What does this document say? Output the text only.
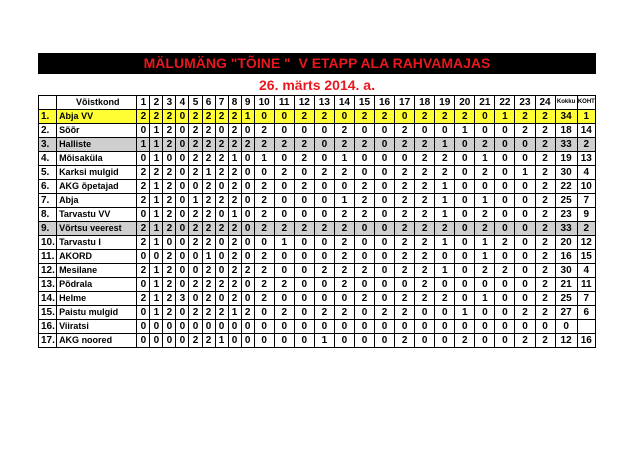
MÄLUMÄNG "TÕINE "  V ETAPP ALA RAHVAMAJAS
26. märts 2014. a.
	Võistkond	1	2	3	4	5	6	7	8	9	10	11	12	13	14	15	16	17	18	19	20	21	22	23	24	Kokku	KOHT
1.	Abja VV	2	2	2	0	2	2	2	2	1	0	0	2	2	0	2	2	0	2	2	2	0	1	2	2	34	1
2.	Sõõr	0	1	2	0	2	2	0	2	0	2	0	0	0	2	0	0	2	0	0	1	0	0	2	2	18	14
3.	Halliste	1	1	2	0	2	2	2	2	2	2	2	2	0	2	2	0	2	2	1	0	2	0	0	2	33	2
4.	Mõisaküla	0	1	0	0	2	2	2	1	0	1	0	2	0	1	0	0	0	2	2	0	1	0	0	2	19	13
5.	Karksi mulgid	2	2	2	0	2	1	2	2	0	0	2	0	2	2	0	0	2	2	2	0	2	0	1	2	30	4
6.	AKG õpetajad	2	1	2	0	0	2	0	2	0	2	0	2	0	0	2	0	2	2	1	0	0	0	0	2	22	10
7.	Abja	2	1	2	0	1	2	2	2	0	2	0	0	0	1	2	0	2	2	1	0	1	0	0	2	25	7
8.	Tarvastu VV	0	1	2	0	2	2	0	1	0	2	0	0	0	2	2	0	2	2	1	0	2	0	0	2	23	9
9.	Võrtsu veerest	2	1	2	0	2	2	2	2	0	2	2	2	2	2	0	0	2	2	2	0	2	0	0	2	33	2
10.	Tarvastu I	2	1	0	0	2	2	0	2	0	0	1	0	0	2	0	0	2	2	1	0	1	2	0	2	20	12
11.	AKORD	0	0	2	0	0	1	0	2	0	2	0	0	0	2	0	0	2	2	0	0	1	0	0	2	16	15
12.	Mesilane	2	1	2	0	0	2	0	2	2	2	0	0	2	2	2	0	2	2	1	0	2	2	0	2	30	4
13.	Põdrala	0	1	2	0	2	2	2	2	0	2	2	0	0	2	0	0	0	2	0	0	0	0	0	2	21	11
14.	Helme	2	1	2	3	0	2	0	2	0	2	0	0	0	0	2	0	2	2	2	0	1	0	0	2	25	7
15.	Paistu mulgid	0	1	2	0	2	2	2	1	2	0	2	0	2	2	0	2	2	0	0	1	0	0	2	2	27	6
16.	Viiratsi	0	0	0	0	0	0	0	0	0	0	0	0	0	0	0	0	0	0	0	0	0	0	0	0	0	
17.	AKG noored	0	0	0	0	2	2	1	0	0	0	0	0	1	0	0	0	2	0	0	2	0	0	2	2	12	16
